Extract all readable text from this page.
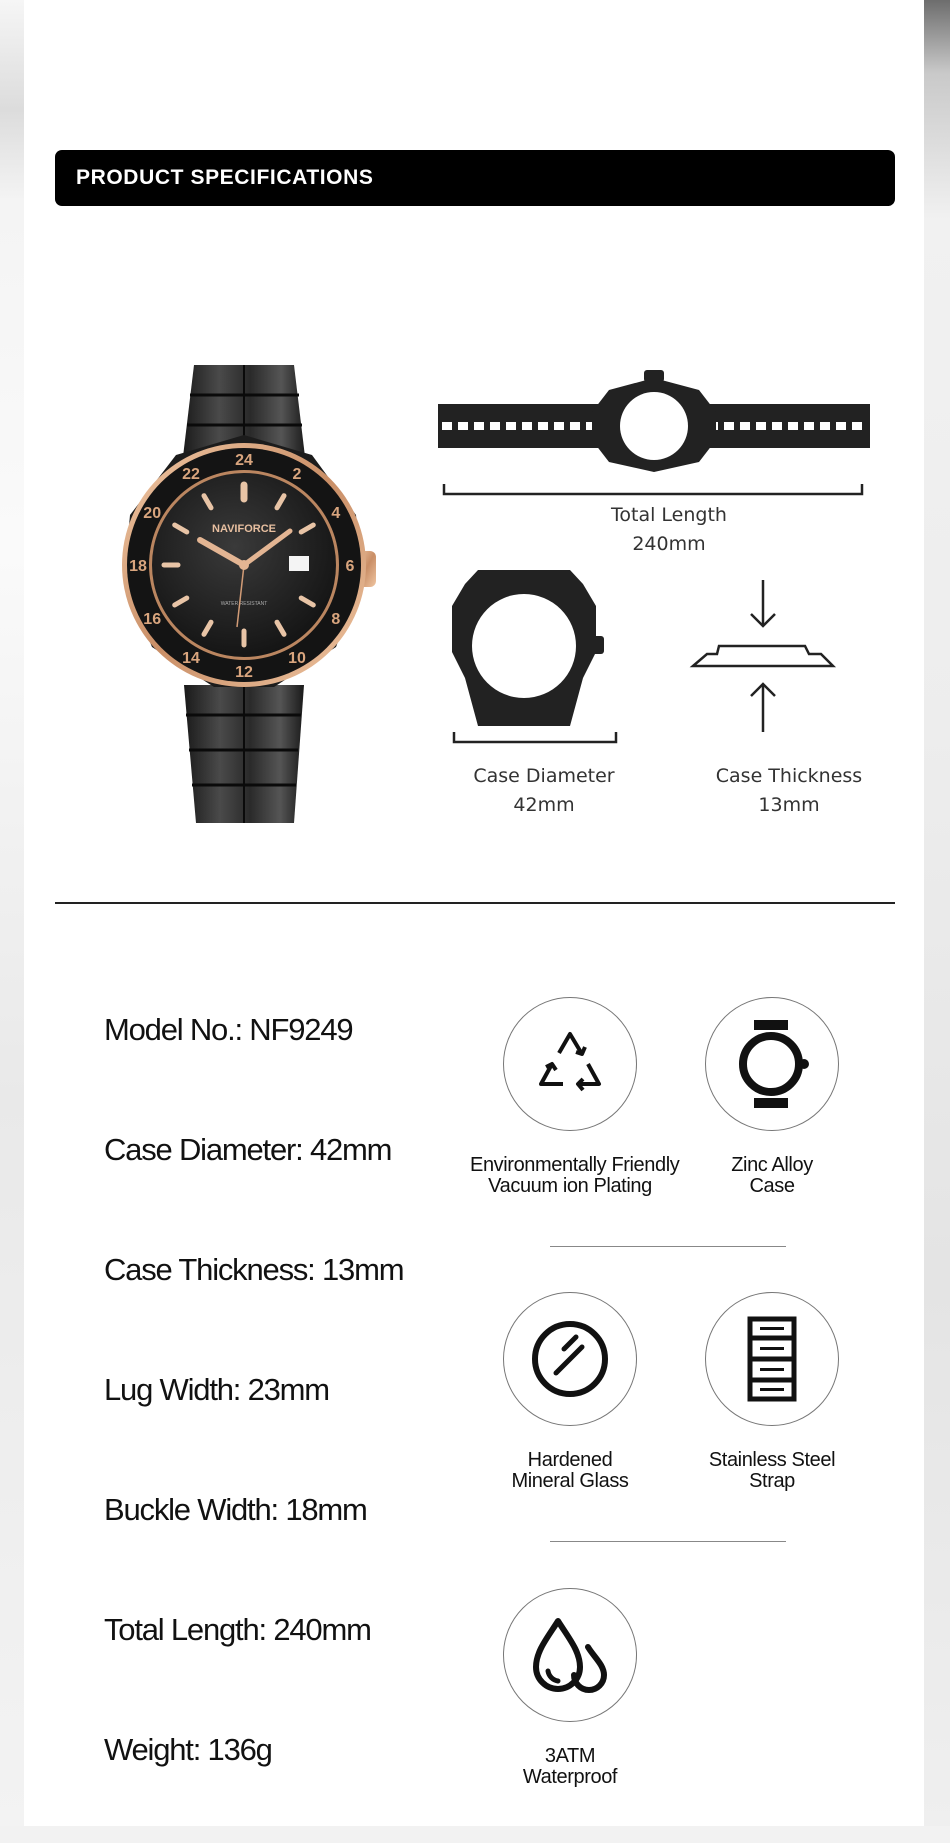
PRODUCT SPECIFICATIONS
24
2
4
6
8
10
12
14
16
18
20
22
NAVIFORCE
WATER RESISTANT
Total Length
240mm
Case Diameter
42mm
Case Thickness
13mm
Model No.: NF9249
Case Diameter: 42mm
Case Thickness: 13mm
Lug Width: 23mm
Buckle Width: 18mm
Total Length: 240mm
Weight: 136g
Environmentally Friendly
Vacuum ion Plating
Zinc Alloy
Case
Hardened
Mineral Glass
Stainless Steel
Strap
3ATM
Waterproof
